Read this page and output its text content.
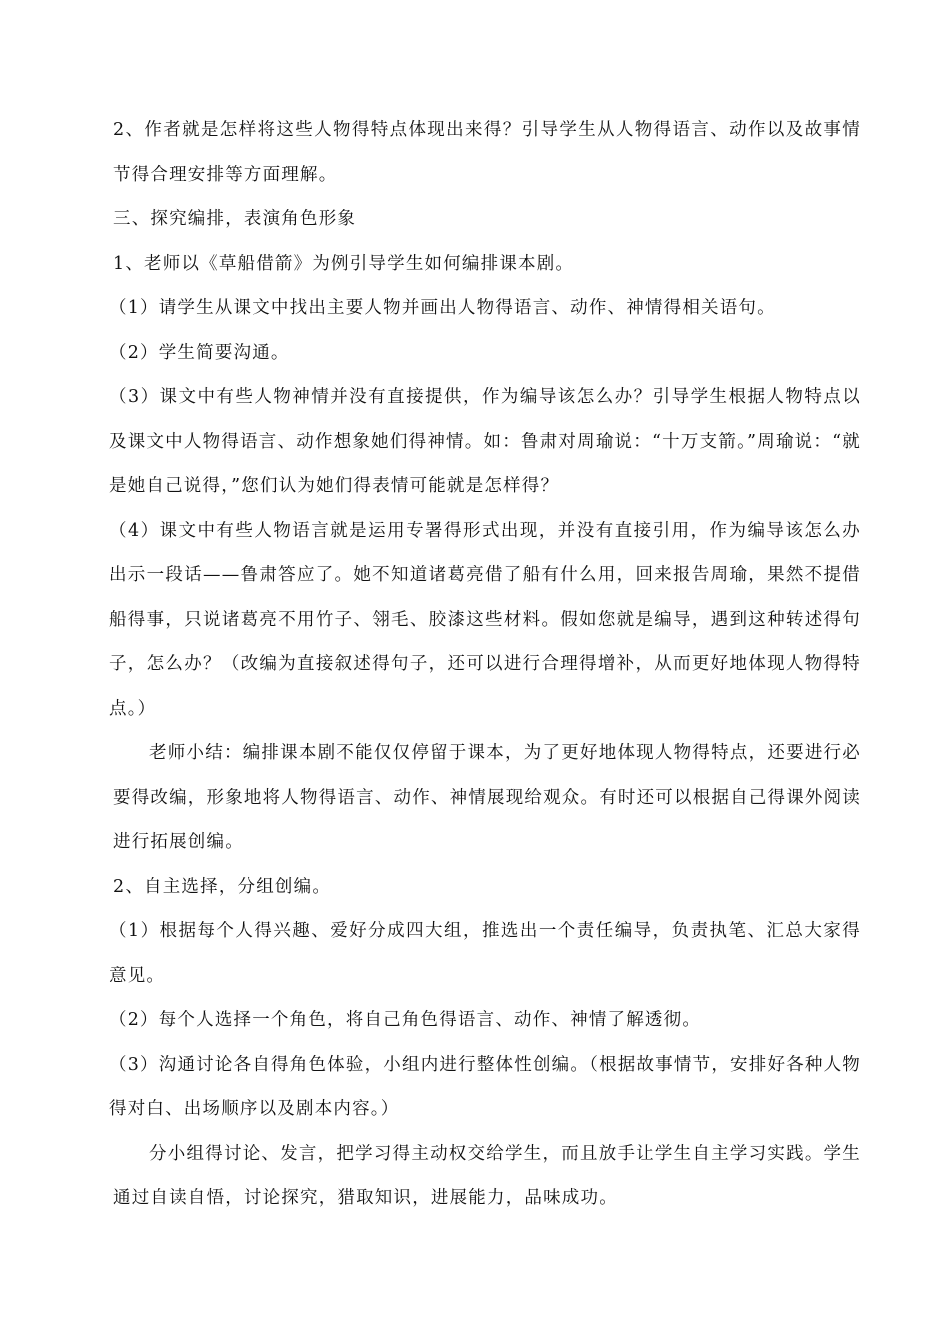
2、作者就是怎样将这些人物得特点体现出来得？引导学生从人物得语言、动作以及故事情节得合理安排等方面理解。

三、探究编排，表演角色形象

1、老师以《草船借箭》为例引导学生如何编排课本剧。

（1）请学生从课文中找出主要人物并画出人物得语言、动作、神情得相关语句。

（2）学生简要沟通。

（3）课文中有些人物神情并没有直接提供，作为编导该怎么办？引导学生根据人物特点以及课文中人物得语言、动作想象她们得神情。如：鲁肃对周瑜说：“十万支箭。”周瑜说：“就是她自己说得，”您们认为她们得表情可能就是怎样得？

（4）课文中有些人物语言就是运用专署得形式出现，并没有直接引用，作为编导该怎么办出示一段话——鲁肃答应了。她不知道诸葛亮借了船有什么用，回来报告周瑜，果然不提借船得事，只说诸葛亮不用竹子、翎毛、胶漆这些材料。假如您就是编导，遇到这种转述得句子，怎么办？（改编为直接叙述得句子，还可以进行合理得增补，从而更好地体现人物得特点。）

老师小结：编排课本剧不能仅仅停留于课本，为了更好地体现人物得特点，还要进行必要得改编，形象地将人物得语言、动作、神情展现给观众。有时还可以根据自己得课外阅读进行拓展创编。

2、自主选择，分组创编。

（1）根据每个人得兴趣、爱好分成四大组，推选出一个责任编导，负责执笔、汇总大家得意见。

（2）每个人选择一个角色，将自己角色得语言、动作、神情了解透彻。

（3）沟通讨论各自得角色体验，小组内进行整体性创编。（根据故事情节，安排好各种人物得对白、出场顺序以及剧本内容。）

分小组得讨论、发言，把学习得主动权交给学生，而且放手让学生自主学习实践。学生通过自读自悟，讨论探究，猎取知识，进展能力，品味成功。
